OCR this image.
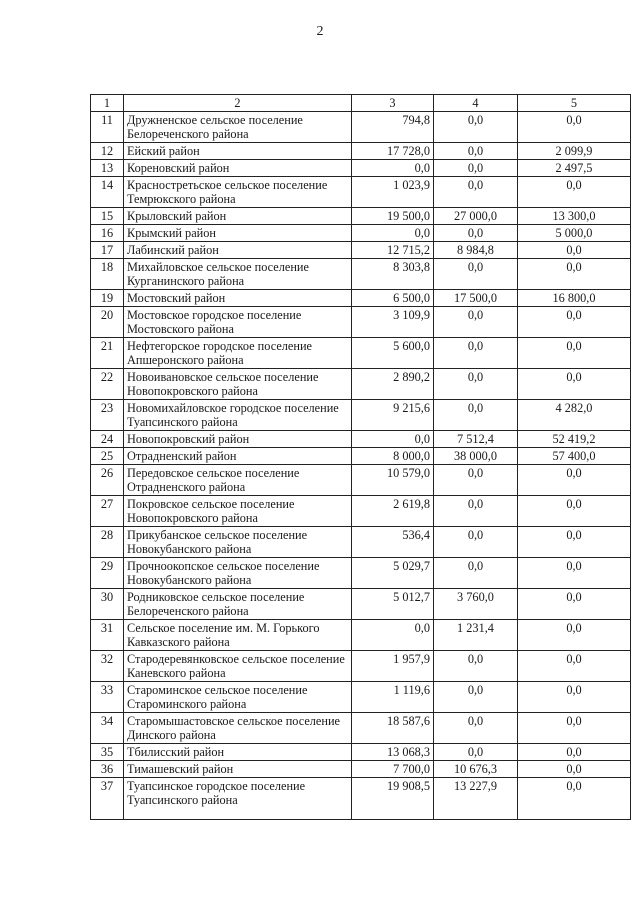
2
1	2	3	4	5
11	Дружненское сельское поселение Белореченского района	794,8	0,0	0,0
12	Ейский район	17 728,0	0,0	2 099,9
13	Кореновский район	0,0	0,0	2 497,5
14	Красностретьское сельское поселение Темрюкского района	1 023,9	0,0	0,0
15	Крыловский район	19 500,0	27 000,0	13 300,0
16	Крымский район	0,0	0,0	5 000,0
17	Лабинский район	12 715,2	8 984,8	0,0
18	Михайловское сельское поселение Курганинского района	8 303,8	0,0	0,0
19	Мостовский район	6 500,0	17 500,0	16 800,0
20	Мостовское городское поселение Мостовского района	3 109,9	0,0	0,0
21	Нефтегорское городское поселение Апшеронского района	5 600,0	0,0	0,0
22	Новоивановское сельское поселение Новопокровского района	2 890,2	0,0	0,0
23	Новомихайловское городское поселение Туапсинского района	9 215,6	0,0	4 282,0
24	Новопокровский район	0,0	7 512,4	52 419,2
25	Отрадненский район	8 000,0	38 000,0	57 400,0
26	Передовское сельское поселение Отрадненского района	10 579,0	0,0	0,0
27	Покровское сельское поселение Новопокровского района	2 619,8	0,0	0,0
28	Прикубанское сельское поселение Новокубанского района	536,4	0,0	0,0
29	Прочноокопское сельское поселение Новокубанского района	5 029,7	0,0	0,0
30	Родниковское сельское поселение Белореченского района	5 012,7	3 760,0	0,0
31	Сельское поселение им. М. Горького Кавказского района	0,0	1 231,4	0,0
32	Стародеревянковское сельское поселение Каневского района	1 957,9	0,0	0,0
33	Староминское сельское поселение Староминского района	1 119,6	0,0	0,0
34	Старомышастовское сельское поселение Динского района	18 587,6	0,0	0,0
35	Тбилисский район	13 068,3	0,0	0,0
36	Тимашевский район	7 700,0	10 676,3	0,0
37	Туапсинское городское поселение Туапсинского района	19 908,5	13 227,9	0,0
